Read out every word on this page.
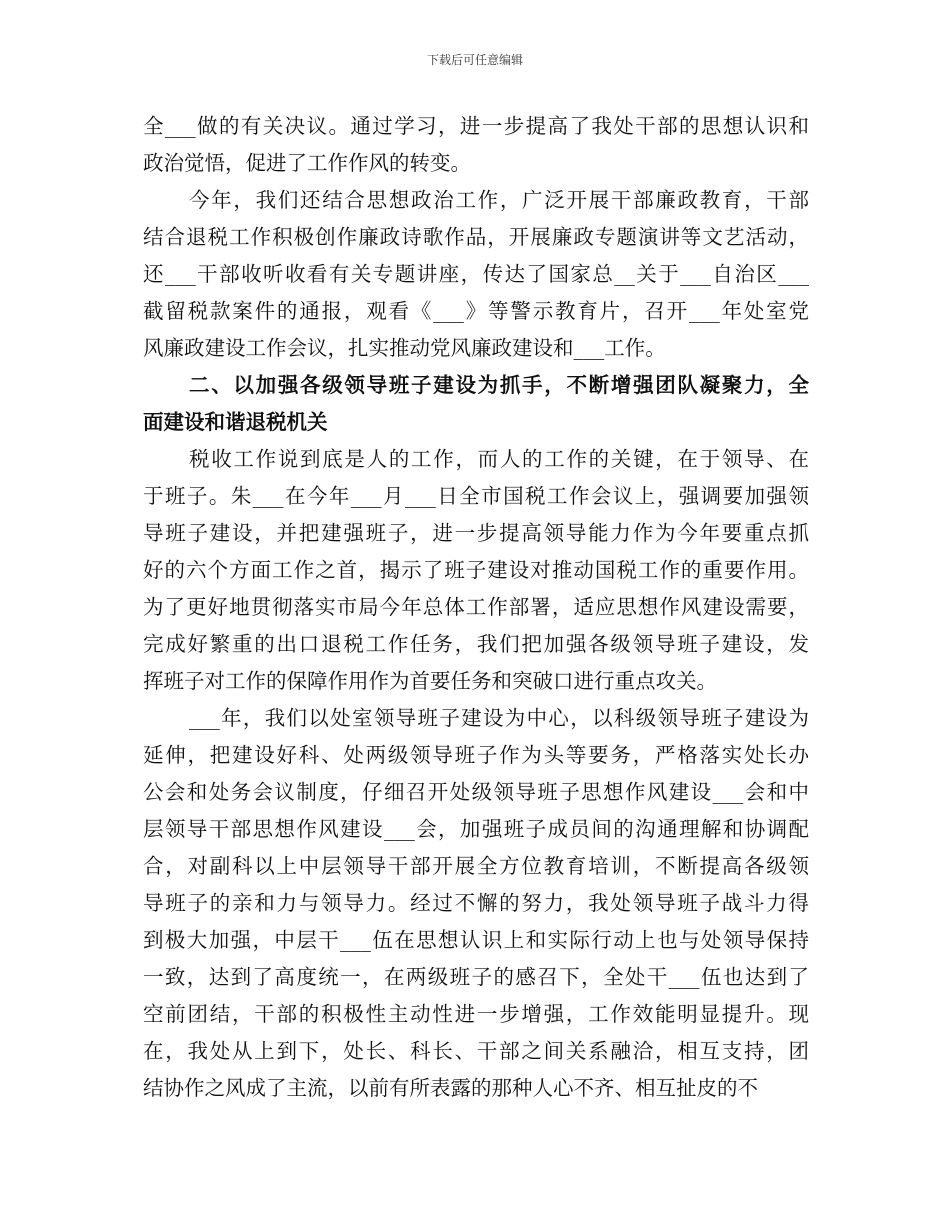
下载后可任意编辑
全___做的有关决议。通过学习，进一步提高了我处干部的思想认识和
政治觉悟，促进了工作作风的转变。
今年，我们还结合思想政治工作，广泛开展干部廉政教育，干部
结合退税工作积极创作廉政诗歌作品，开展廉政专题演讲等文艺活动，
还___干部收听收看有关专题讲座，传达了国家总__关于___自治区___
截留税款案件的通报，观看《___》等警示教育片，召开___年处室党
风廉政建设工作会议，扎实推动党风廉政建设和___工作。
二、以加强各级领导班子建设为抓手，不断增强团队凝聚力，全
面建设和谐退税机关
税收工作说到底是人的工作，而人的工作的关键，在于领导、在
于班子。朱___在今年___月___日全市国税工作会议上，强调要加强领
导班子建设，并把建强班子，进一步提高领导能力作为今年要重点抓
好的六个方面工作之首，揭示了班子建设对推动国税工作的重要作用。
为了更好地贯彻落实市局今年总体工作部署，适应思想作风建设需要，
完成好繁重的出口退税工作任务，我们把加强各级领导班子建设，发
挥班子对工作的保障作用作为首要任务和突破口进行重点攻关。
___年，我们以处室领导班子建设为中心，以科级领导班子建设为
延伸，把建设好科、处两级领导班子作为头等要务，严格落实处长办
公会和处务会议制度，仔细召开处级领导班子思想作风建设___会和中
层领导干部思想作风建设___会，加强班子成员间的沟通理解和协调配
合，对副科以上中层领导干部开展全方位教育培训，不断提高各级领
导班子的亲和力与领导力。经过不懈的努力，我处领导班子战斗力得
到极大加强，中层干___伍在思想认识上和实际行动上也与处领导保持
一致，达到了高度统一，在两级班子的感召下，全处干___伍也达到了
空前团结，干部的积极性主动性进一步增强，工作效能明显提升。现
在，我处从上到下，处长、科长、干部之间关系融洽，相互支持，团
结协作之风成了主流，以前有所表露的那种人心不齐、相互扯皮的不
